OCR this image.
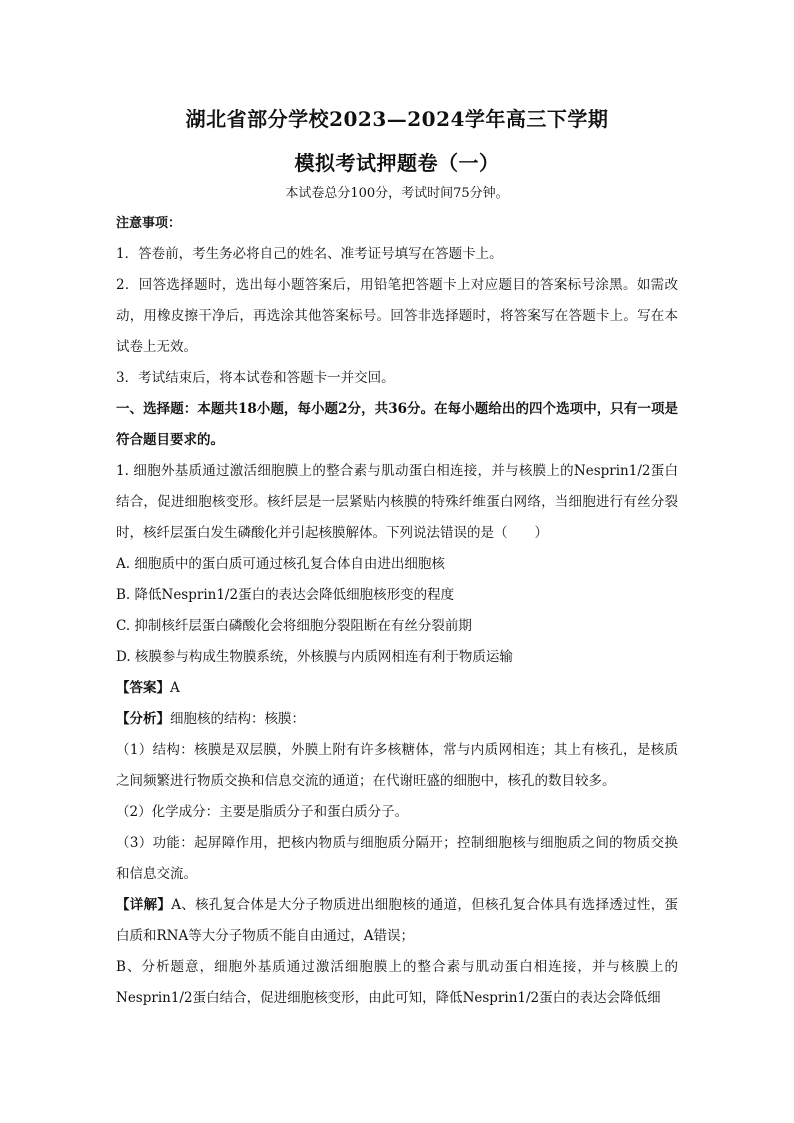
湖北省部分学校2023—2024学年高三下学期
模拟考试押题卷（一）
本试卷总分100分，考试时间75分钟。

注意事项：

1．答卷前，考生务必将自己的姓名、准考证号填写在答题卡上。

2．回答选择题时，选出每小题答案后，用铅笔把答题卡上对应题目的答案标号涂黑。如需改动，用橡皮擦干净后，再选涂其他答案标号。回答非选择题时，将答案写在答题卡上。写在本试卷上无效。

3．考试结束后，将本试卷和答题卡一并交回。

一、选择题：本题共18小题，每小题2分，共36分。在每小题给出的四个选项中，只有一项是符合题目要求的。

1. 细胞外基质通过激活细胞膜上的整合素与肌动蛋白相连接，并与核膜上的Nesprin1/2蛋白结合，促进细胞核变形。核纤层是一层紧贴内核膜的特殊纤维蛋白网络，当细胞进行有丝分裂时，核纤层蛋白发生磷酸化并引起核膜解体。下列说法错误的是（　　）

A. 细胞质中的蛋白质可通过核孔复合体自由进出细胞核

B. 降低Nesprin1/2蛋白的表达会降低细胞核形变的程度

C. 抑制核纤层蛋白磷酸化会将细胞分裂阻断在有丝分裂前期

D. 核膜参与构成生物膜系统，外核膜与内质网相连有利于物质运输

【答案】A

【分析】细胞核的结构：核膜：

（1）结构：核膜是双层膜，外膜上附有许多核糖体，常与内质网相连；其上有核孔，是核质之间频繁进行物质交换和信息交流的通道；在代谢旺盛的细胞中，核孔的数目较多。

（2）化学成分：主要是脂质分子和蛋白质分子。

（3）功能：起屏障作用，把核内物质与细胞质分隔开；控制细胞核与细胞质之间的物质交换和信息交流。

【详解】A、核孔复合体是大分子物质进出细胞核的通道，但核孔复合体具有选择透过性，蛋白质和RNA等大分子物质不能自由通过，A错误；

B、分析题意，细胞外基质通过激活细胞膜上的整合素与肌动蛋白相连接，并与核膜上的Nesprin1/2蛋白结合，促进细胞核变形，由此可知，降低Nesprin1/2蛋白的表达会降低细
